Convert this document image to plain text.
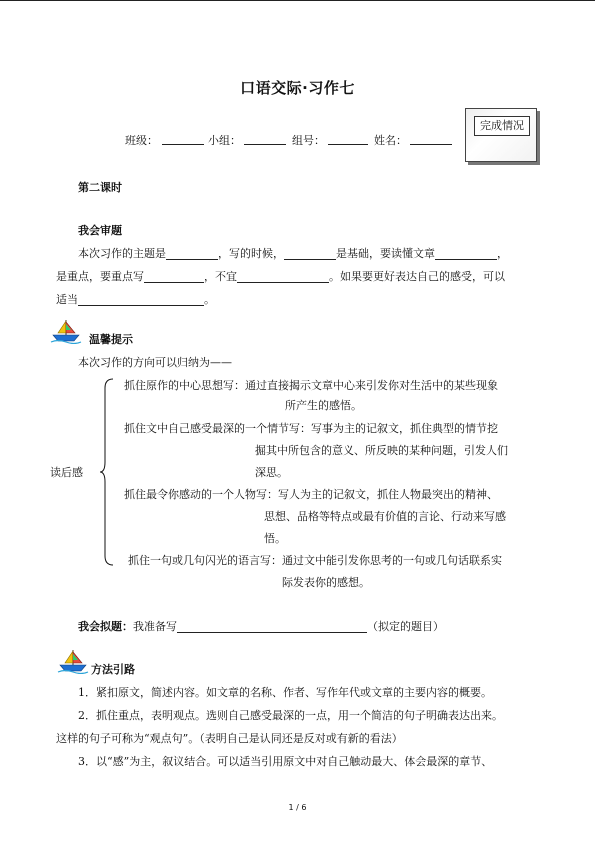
口语交际·习作七
班级：	小组：	组号：	姓名：
完成情况
第二课时
我会审题
本次习作的主题是	，写的时候，	是基础，要读懂文章	，
是重点，要重点写	，不宜	。如果要更好表达自己的感受，可以
适当	。
温馨提示
本次习作的方向可以归纳为——
读后感
抓住原作的中心思想写：通过直接揭示文章中心来引发你对生活中的某些现象
所产生的感悟。
抓住文中自己感受最深的一个情节写：写事为主的记叙文，抓住典型的情节挖
掘其中所包含的意义、所反映的某种问题，引发人们
深思。
抓住最令你感动的一个人物写：写人为主的记叙文，抓住人物最突出的精神、
思想、品格等特点或最有价值的言论、行动来写感
悟。
抓住一句或几句闪光的语言写：通过文中能引发你思考的一句或几句话联系实
际发表你的感想。
我会拟题：我准备写	（拟定的题目）
方法引路
1．紧扣原文，简述内容。如文章的名称、作者、写作年代或文章的主要内容的概要。
2．抓住重点，表明观点。选则自己感受最深的一点，用一个简洁的句子明确表达出来。
这样的句子可称为“观点句”。（表明自己是认同还是反对或有新的看法）
3．以“感”为主，叙议结合。可以适当引用原文中对自己触动最大、体会最深的章节、
1 / 6
